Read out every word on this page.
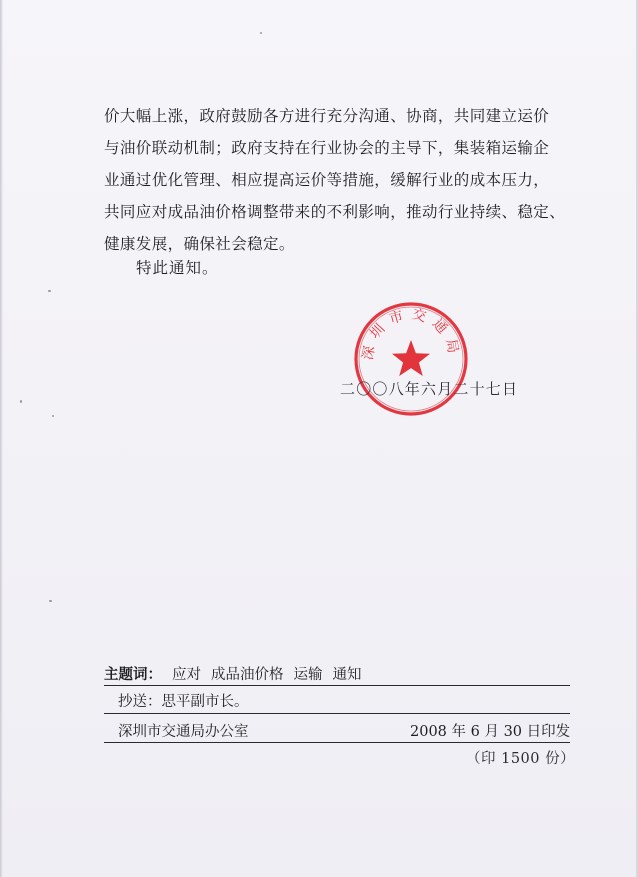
价大幅上涨，政府鼓励各方进行充分沟通、协商，共同建立运价

与油价联动机制；政府支持在行业协会的主导下，集装箱运输企

业通过优化管理、相应提高运价等措施，缓解行业的成本压力，

共同应对成品油价格调整带来的不利影响，推动行业持续、稳定、

健康发展，确保社会稳定。

特此通知。
深圳市交通局
二〇〇八年六月二十七日
主题词： 应对 成品油价格 运输 通知
抄送：思平副市长。
深圳市交通局办公室	2008 年 6 月 30 日印发
（印 1500 份）
